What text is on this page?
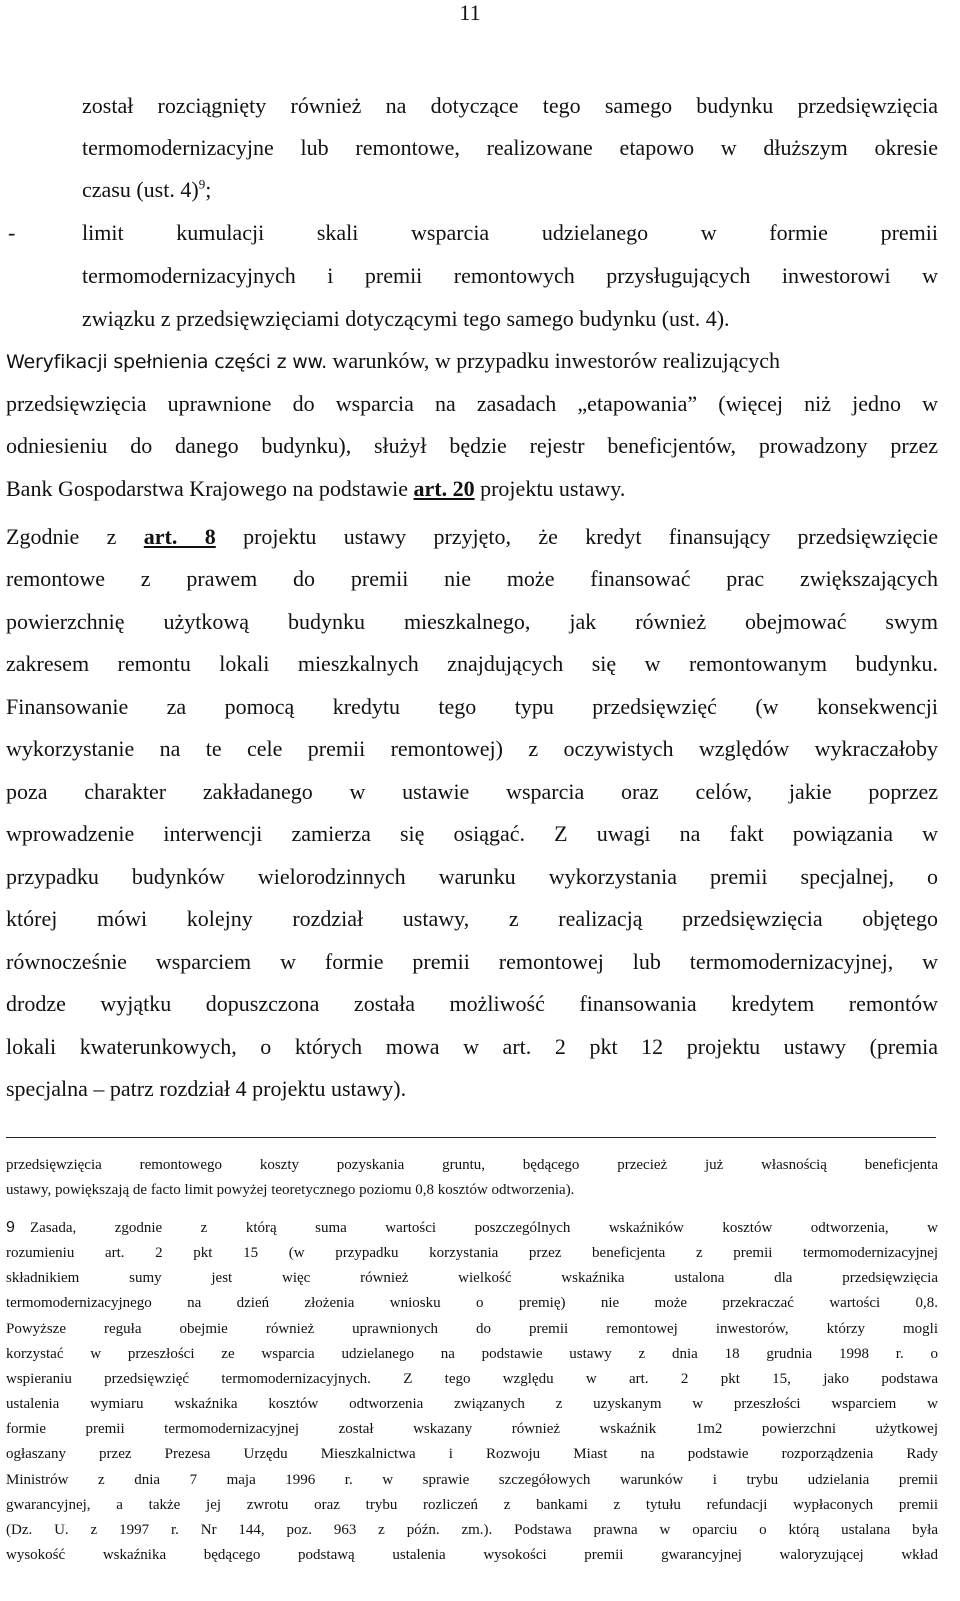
11
został rozciągnięty również na dotyczące tego samego budynku przedsięwzięcia
termomodernizacyjne lub remontowe, realizowane etapowo w dłuższym okresie
czasu (ust. 4)$^9$;
-	limit kumulacji skali wsparcia udzielanego w formie premii
termomodernizacyjnych i premii remontowych przysługujących inwestorowi w
związku z przedsięwzięciami dotyczącymi tego samego budynku (ust. 4).
Weryfikacji spełnienia części z ww. warunków, w przypadku inwestorów realizujących
przedsięwzięcia uprawnione do wsparcia na zasadach „etapowania” (więcej niż jedno w
odniesieniu do danego budynku), służył będzie rejestr beneficjentów, prowadzony przez
Bank Gospodarstwa Krajowego na podstawie art. 20 projektu ustawy.
Zgodnie z art. 8 projektu ustawy przyjęto, że kredyt finansujący przedsięwzięcie
remontowe z prawem do premii nie może finansować prac zwiększających
powierzchnię użytkową budynku mieszkalnego, jak również obejmować swym
zakresem remontu lokali mieszkalnych znajdujących się w remontowanym budynku.
Finansowanie za pomocą kredytu tego typu przedsięwzięć (w konsekwencji
wykorzystanie na te cele premii remontowej) z oczywistych względów wykraczałoby
poza charakter zakładanego w ustawie wsparcia oraz celów, jakie poprzez
wprowadzenie interwencji zamierza się osiągać. Z uwagi na fakt powiązania w
przypadku budynków wielorodzinnych warunku wykorzystania premii specjalnej, o
której mówi kolejny rozdział ustawy, z realizacją przedsięwzięcia objętego
równocześnie wsparciem w formie premii remontowej lub termomodernizacyjnej, w
drodze wyjątku dopuszczona została możliwość finansowania kredytem remontów
lokali kwaterunkowych, o których mowa w art. 2 pkt 12 projektu ustawy (premia
specjalna – patrz rozdział 4 projektu ustawy).
przedsięwzięcia remontowego koszty pozyskania gruntu, będącego przecież już własnością beneficjenta
ustawy, powiększają de facto limit powyżej teoretycznego poziomu 0,8 kosztów odtworzenia).
9 Zasada, zgodnie z którą suma wartości poszczególnych wskaźników kosztów odtworzenia, w
rozumieniu art. 2 pkt 15 (w przypadku korzystania przez beneficjenta z premii termomodernizacyjnej
składnikiem sumy jest więc również wielkość wskaźnika ustalona dla przedsięwzięcia
termomodernizacyjnego na dzień złożenia wniosku o premię) nie może przekraczać wartości 0,8.
Powyższe reguła obejmie również uprawnionych do premii remontowej inwestorów, którzy mogli
korzystać w przeszłości ze wsparcia udzielanego na podstawie ustawy z dnia 18 grudnia 1998 r. o
wspieraniu przedsięwzięć termomodernizacyjnych. Z tego względu w art. 2 pkt 15, jako podstawa
ustalenia wymiaru wskaźnika kosztów odtworzenia związanych z uzyskanym w przeszłości wsparciem w
formie premii termomodernizacyjnej został wskazany również wskaźnik 1m2 powierzchni użytkowej
ogłaszany przez Prezesa Urzędu Mieszkalnictwa i Rozwoju Miast na podstawie rozporządzenia Rady
Ministrów z dnia 7 maja 1996 r. w sprawie szczegółowych warunków i trybu udzielania premii
gwarancyjnej, a także jej zwrotu oraz trybu rozliczeń z bankami z tytułu refundacji wypłaconych premii
(Dz. U. z 1997 r. Nr 144, poz. 963 z późn. zm.). Podstawa prawna w oparciu o którą ustalana była
wysokość wskaźnika będącego podstawą ustalenia wysokości premii gwarancyjnej waloryzującej wkład
